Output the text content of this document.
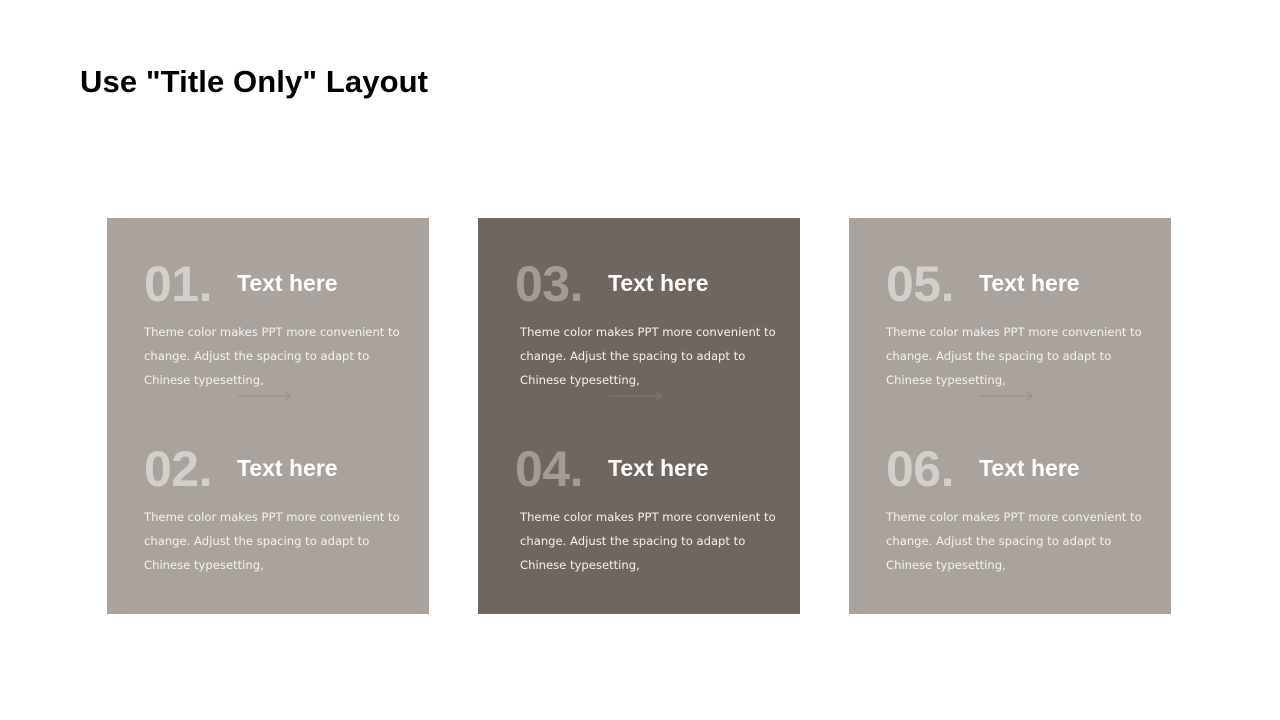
Use "Title Only" Layout
01. Text here
Theme color makes PPT more convenient to change. Adjust the spacing to adapt to Chinese typesetting,
02. Text here
Theme color makes PPT more convenient to change. Adjust the spacing to adapt to Chinese typesetting,
03. Text here
Theme color makes PPT more convenient to change. Adjust the spacing to adapt to Chinese typesetting,
04. Text here
Theme color makes PPT more convenient to change. Adjust the spacing to adapt to Chinese typesetting,
05. Text here
Theme color makes PPT more convenient to change. Adjust the spacing to adapt to Chinese typesetting,
06. Text here
Theme color makes PPT more convenient to change. Adjust the spacing to adapt to Chinese typesetting,
